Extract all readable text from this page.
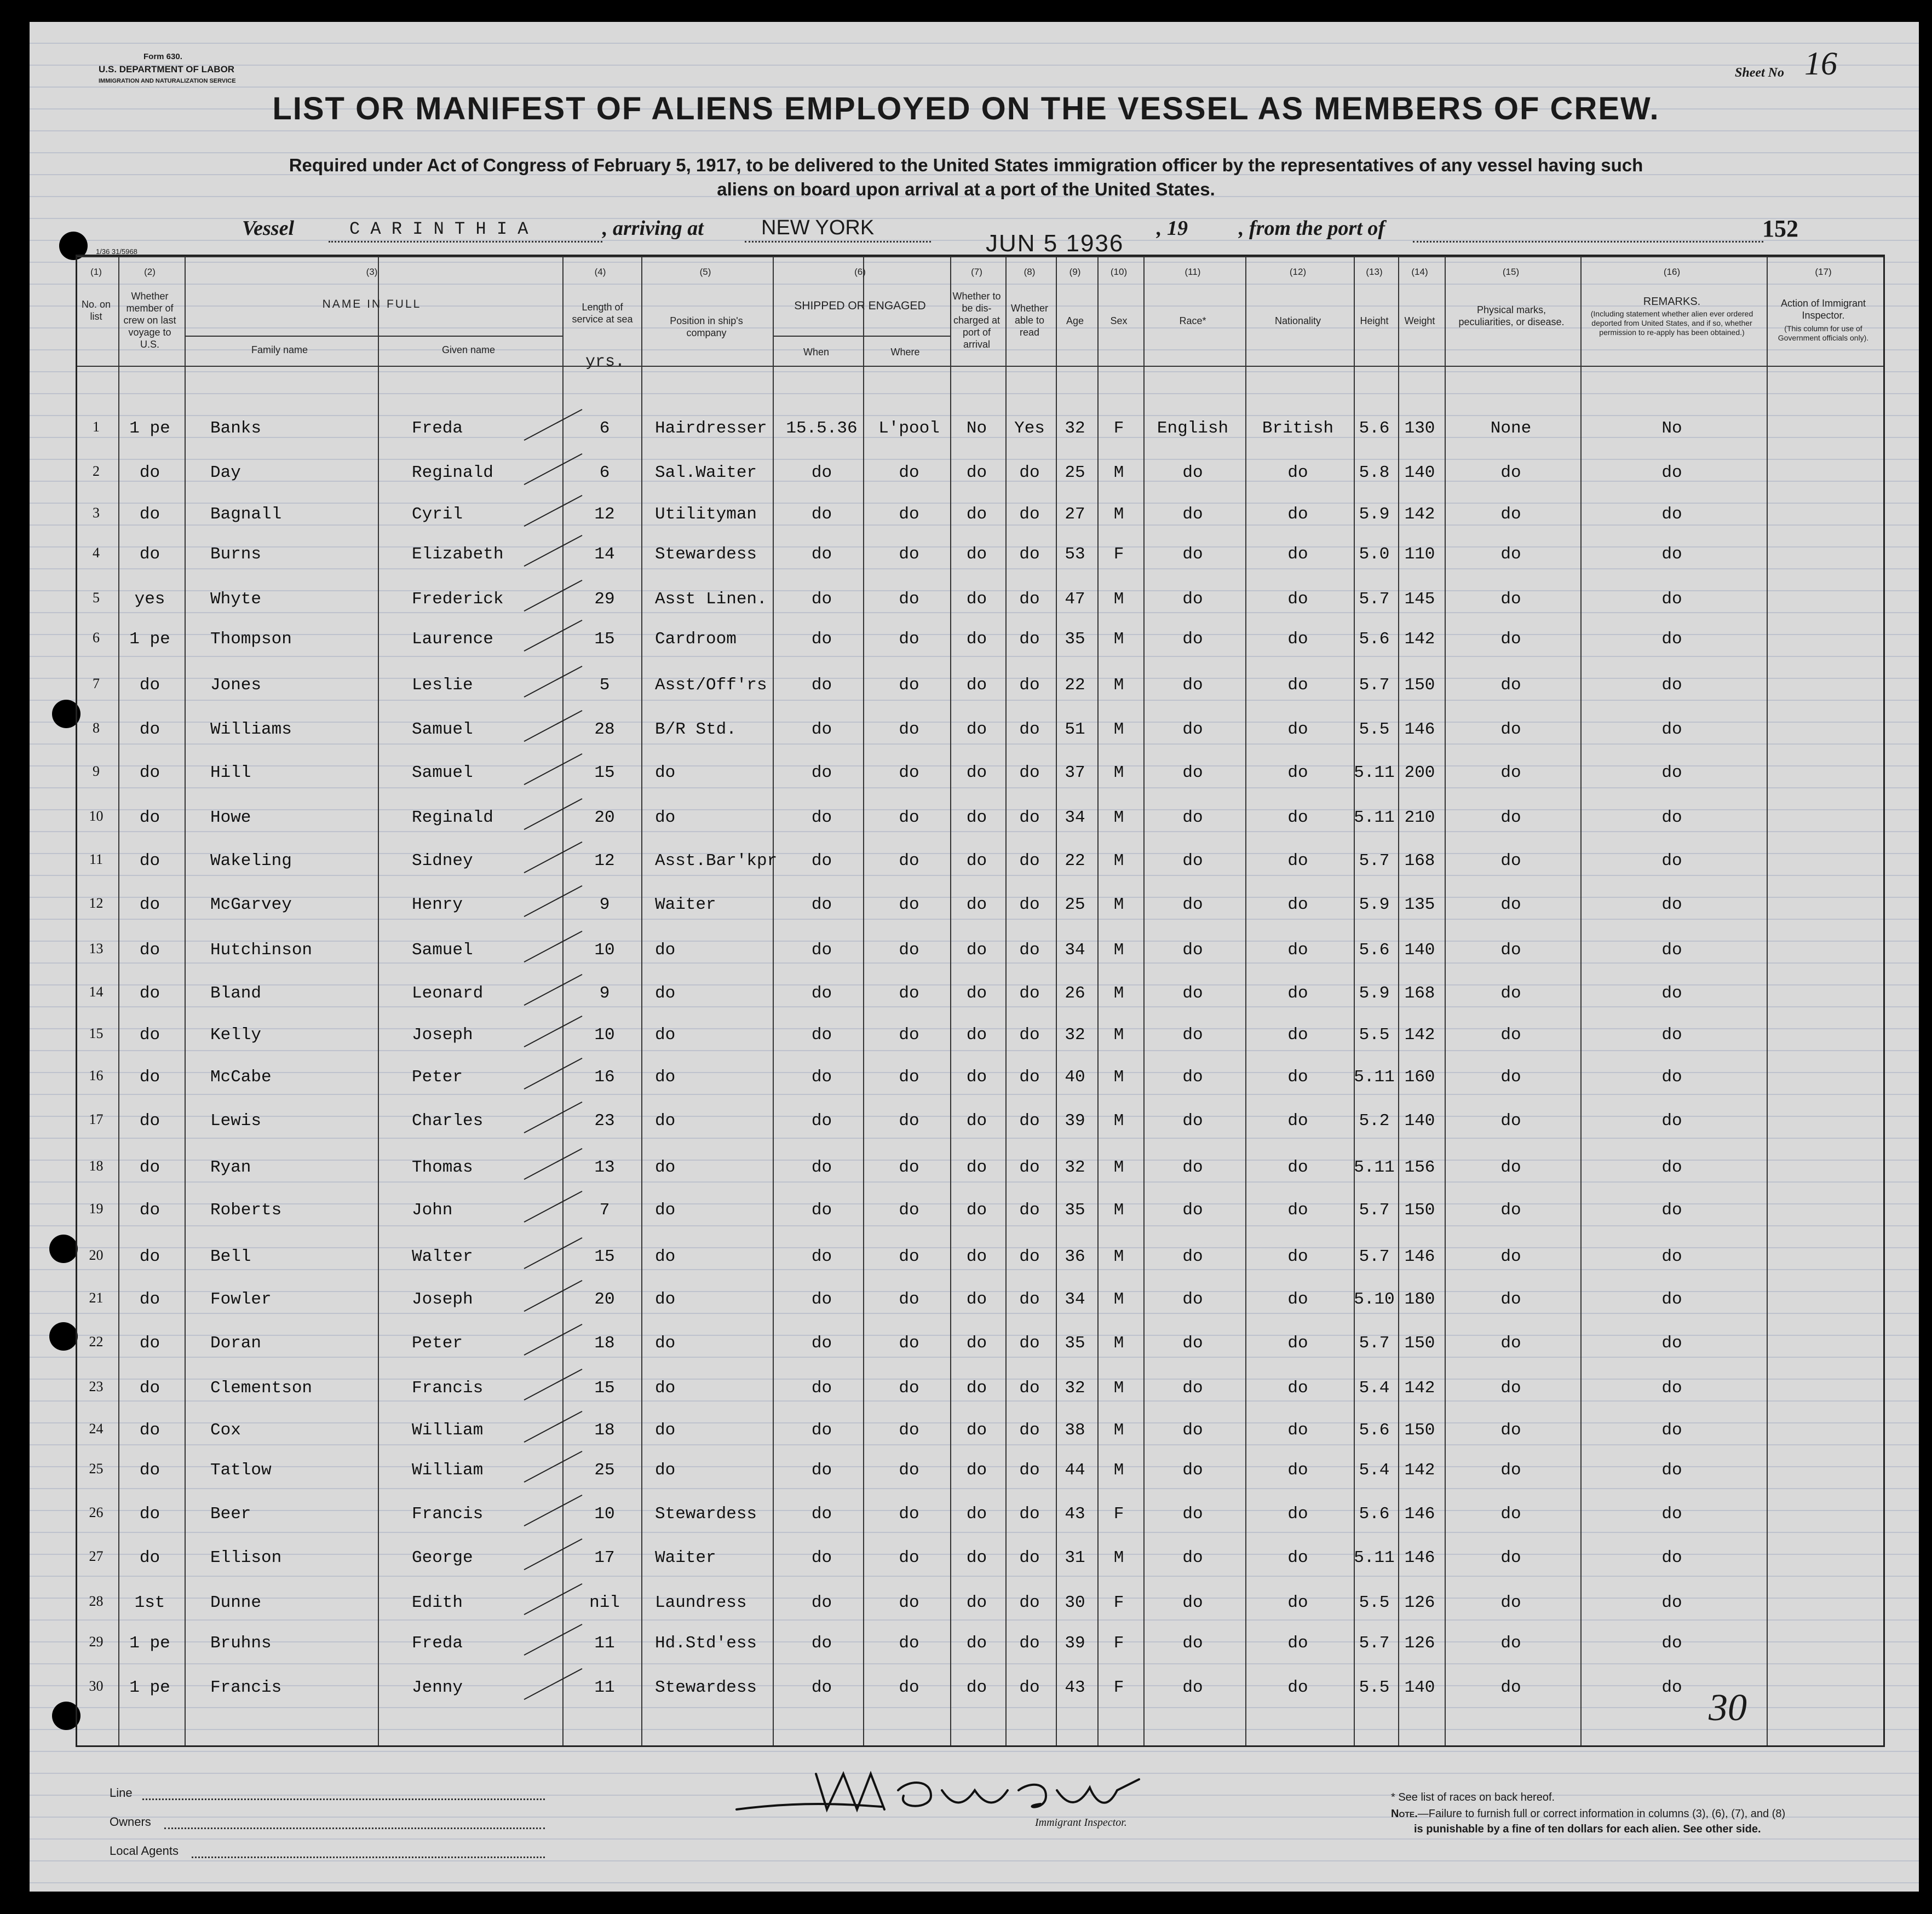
Form 630.
U.S. DEPARTMENT OF LABOR
IMMIGRATION AND NATURALIZATION SERVICE
Sheet No 16
LIST OR MANIFEST OF ALIENS EMPLOYED ON THE VESSEL AS MEMBERS OF CREW.
Required under Act of Congress of February 5, 1917, to be delivered to the United States immigration officer by the representatives of any vessel having such
aliens on board upon arrival at a port of the United States.
Vessel	C A R I N T H I A	, arriving at	NEW YORK
JUN 5 1936
, 19 , from the port of	152
1/36 31/5968
(1)	(2)	(3)	(4)	(5)	(6)	(7)	(8)	(9)	(10)	(11)	(12)	(13)	(14)	(15)	(16)	(17)
No. on list
Whether member of crew on last voyage to U.S.
NAME IN FULL
Family name	Given name
Length of service at sea
yrs.
Position in ship's company
SHIPPED OR ENGAGED
When	Where
Whether to be dis- charged at port of arrival
Whether able to read
Age	Sex	Race*	Nationality	Height	Weight
Physical marks, peculiarities, or disease.
REMARKS.
(Including statement whether alien ever ordered deported from United States, and if so, whether permission to re-apply has been obtained.)
Action of Immigrant Inspector.
(This column for use of Government officials only).
1	1 pe	Banks	Freda	6	Hairdresser	15.5.36	L'pool	No	Yes	32	F	English	British	5.6 130	None	No
2	do	Day	Reginald	6	Sal.Waiter	do	do	do	do	25	M	do	do	5.8 140	do	do
3	do	Bagnall	Cyril	12	Utilityman	do	do	do	do	27	M	do	do	5.9 142	do	do
4	do	Burns	Elizabeth	14	Stewardess	do	do	do	do	53	F	do	do	5.0 110	do	do
5	yes	Whyte	Frederick	29	Asst Linen.	do	do	do	do	47	M	do	do	5.7 145	do	do
6	1 pe	Thompson	Laurence	15	Cardroom	do	do	do	do	35	M	do	do	5.6 142	do	do
7	do	Jones	Leslie	5	Asst/Off'rs	do	do	do	do	22	M	do	do	5.7 150	do	do
8	do	Williams	Samuel	28	B/R Std.	do	do	do	do	51	M	do	do	5.5 146	do	do
9	do	Hill	Samuel	15	do	do	do	do	do	37	M	do	do	5.11 200	do	do
10	do	Howe	Reginald	20	do	do	do	do	do	34	M	do	do	5.11 210	do	do
11	do	Wakeling	Sidney	12	Asst.Bar'kpr	do	do	do	do	22	M	do	do	5.7 168	do	do
12	do	McGarvey	Henry	9	Waiter	do	do	do	do	25	M	do	do	5.9 135	do	do
13	do	Hutchinson	Samuel	10	do	do	do	do	do	34	M	do	do	5.6 140	do	do
14	do	Bland	Leonard	9	do	do	do	do	do	26	M	do	do	5.9 168	do	do
15	do	Kelly	Joseph	10	do	do	do	do	do	32	M	do	do	5.5 142	do	do
16	do	McCabe	Peter	16	do	do	do	do	do	40	M	do	do	5.11 160	do	do
17	do	Lewis	Charles	23	do	do	do	do	do	39	M	do	do	5.2 140	do	do
18	do	Ryan	Thomas	13	do	do	do	do	do	32	M	do	do	5.11 156	do	do
19	do	Roberts	John	7	do	do	do	do	do	35	M	do	do	5.7 150	do	do
20	do	Bell	Walter	15	do	do	do	do	do	36	M	do	do	5.7 146	do	do
21	do	Fowler	Joseph	20	do	do	do	do	do	34	M	do	do	5.10 180	do	do
22	do	Doran	Peter	18	do	do	do	do	do	35	M	do	do	5.7 150	do	do
23	do	Clementson	Francis	15	do	do	do	do	do	32	M	do	do	5.4 142	do	do
24	do	Cox	William	18	do	do	do	do	do	38	M	do	do	5.6 150	do	do
25	do	Tatlow	William	25	do	do	do	do	do	44	M	do	do	5.4 142	do	do
26	do	Beer	Francis	10	Stewardess	do	do	do	do	43	F	do	do	5.6 146	do	do
27	do	Ellison	George	17	Waiter	do	do	do	do	31	M	do	do	5.11 146	do	do
28	1st	Dunne	Edith	nil	Laundress	do	do	do	do	30	F	do	do	5.5 126	do	do
29	1 pe	Bruhns	Freda	11	Hd.Std'ess	do	do	do	do	39	F	do	do	5.7 126	do	do
30	1 pe	Francis	Jenny	11	Stewardess	do	do	do	do	43	F	do	do	5.5 140	do	do 30
Line
Owners
Local Agents
Immigrant Inspector.
* See list of races on back hereof.
Note.—Failure to furnish full or correct information in columns (3), (6), (7), and (8)
is punishable by a fine of ten dollars for each alien. See other side.
